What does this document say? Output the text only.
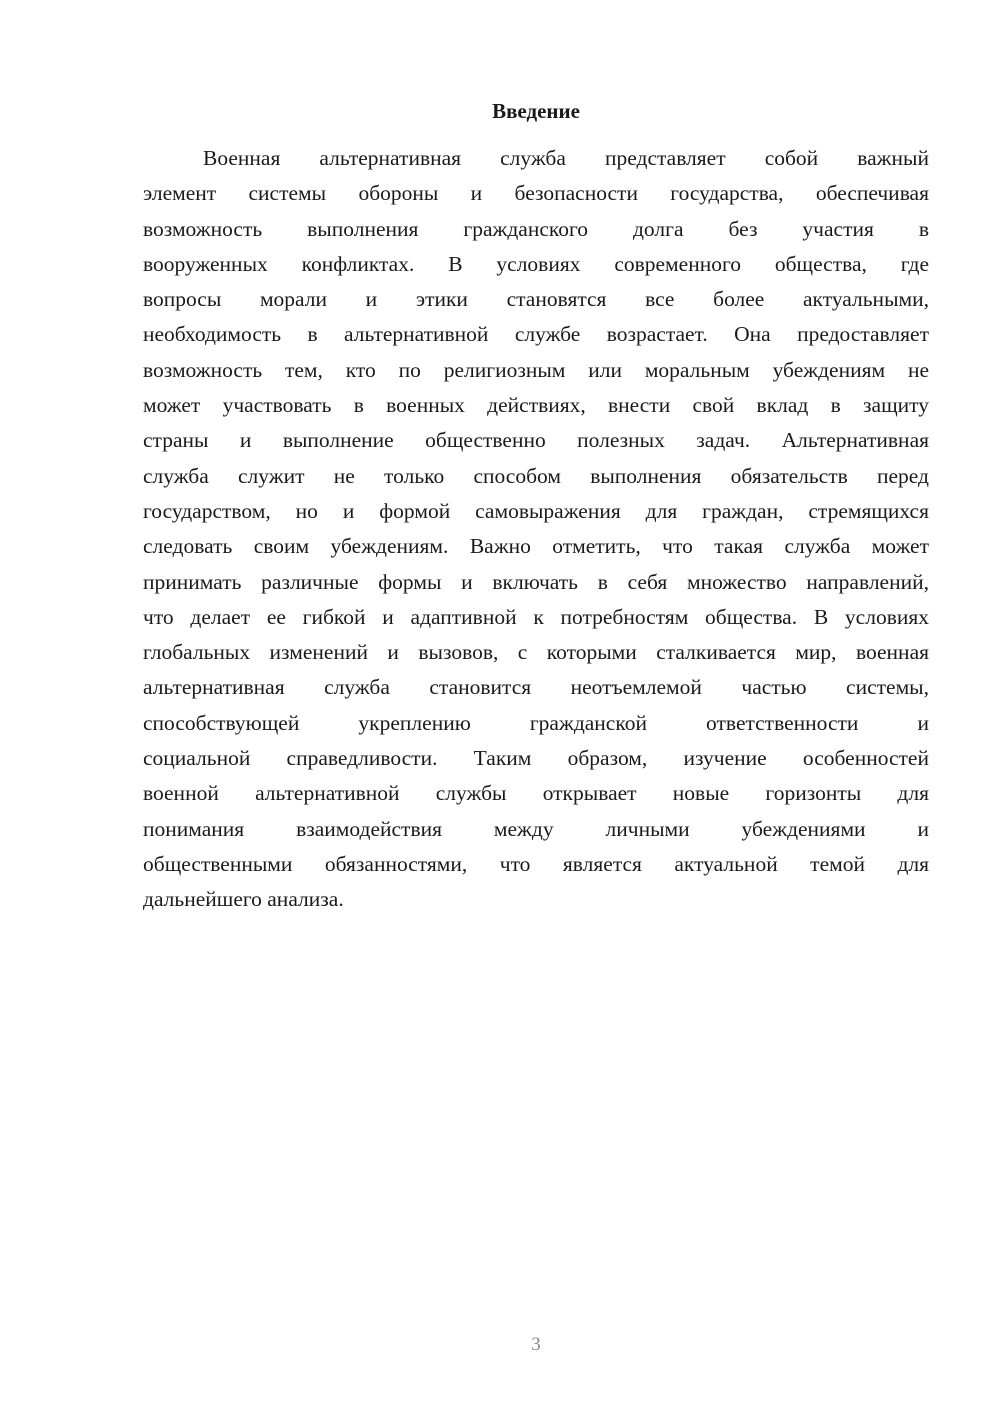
Введение
Военная альтернативная служба представляет собой важный
элемент системы обороны и безопасности государства, обеспечивая
возможность выполнения гражданского долга без участия в
вооруженных конфликтах. В условиях современного общества, где
вопросы морали и этики становятся все более актуальными,
необходимость в альтернативной службе возрастает. Она предоставляет
возможность тем, кто по религиозным или моральным убеждениям не
может участвовать в военных действиях, внести свой вклад в защиту
страны и выполнение общественно полезных задач. Альтернативная
служба служит не только способом выполнения обязательств перед
государством, но и формой самовыражения для граждан, стремящихся
следовать своим убеждениям. Важно отметить, что такая служба может
принимать различные формы и включать в себя множество направлений,
что делает ее гибкой и адаптивной к потребностям общества. В условиях
глобальных изменений и вызовов, с которыми сталкивается мир, военная
альтернативная служба становится неотъемлемой частью системы,
способствующей укреплению гражданской ответственности и
социальной справедливости. Таким образом, изучение особенностей
военной альтернативной службы открывает новые горизонты для
понимания взаимодействия между личными убеждениями и
общественными обязанностями, что является актуальной темой для
дальнейшего анализа.
3
